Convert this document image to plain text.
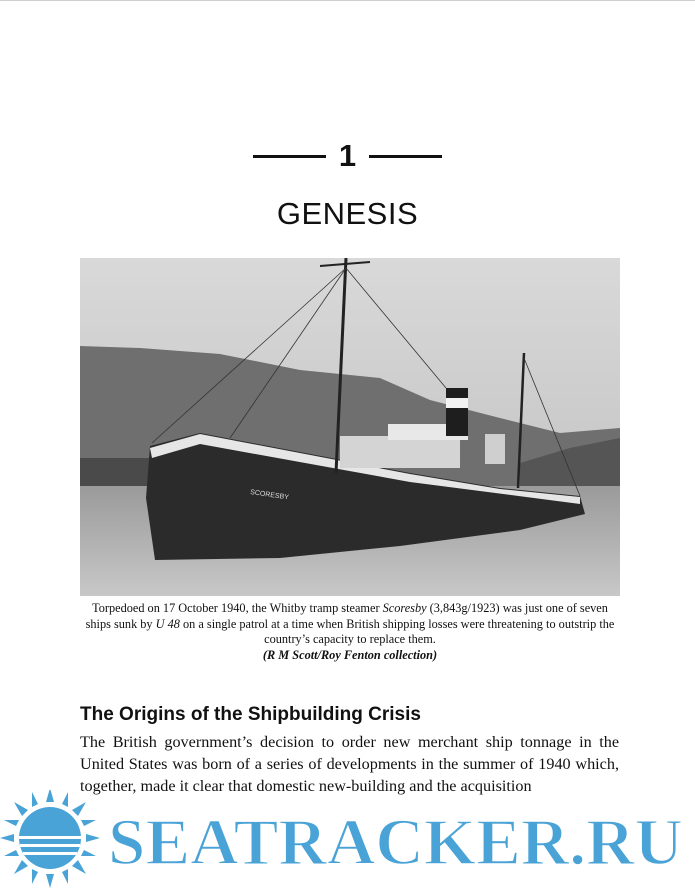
1
GENESIS
SCORESBY
Torpedoed on 17 October 1940, the Whitby tramp steamer Scoresby (3,843g/1923) was just one of seven ships sunk by U 48 on a single patrol at a time when British shipping losses were threatening to outstrip the country’s capacity to replace them.
(R M Scott/Roy Fenton collection)
The Origins of the Shipbuilding Crisis
The British government’s decision to order new merchant ship tonnage in the United States was born of a series of developments in the summer of 1940 which, together, made it clear that domestic new-building and the acquisition
SEATRACKER.RU
